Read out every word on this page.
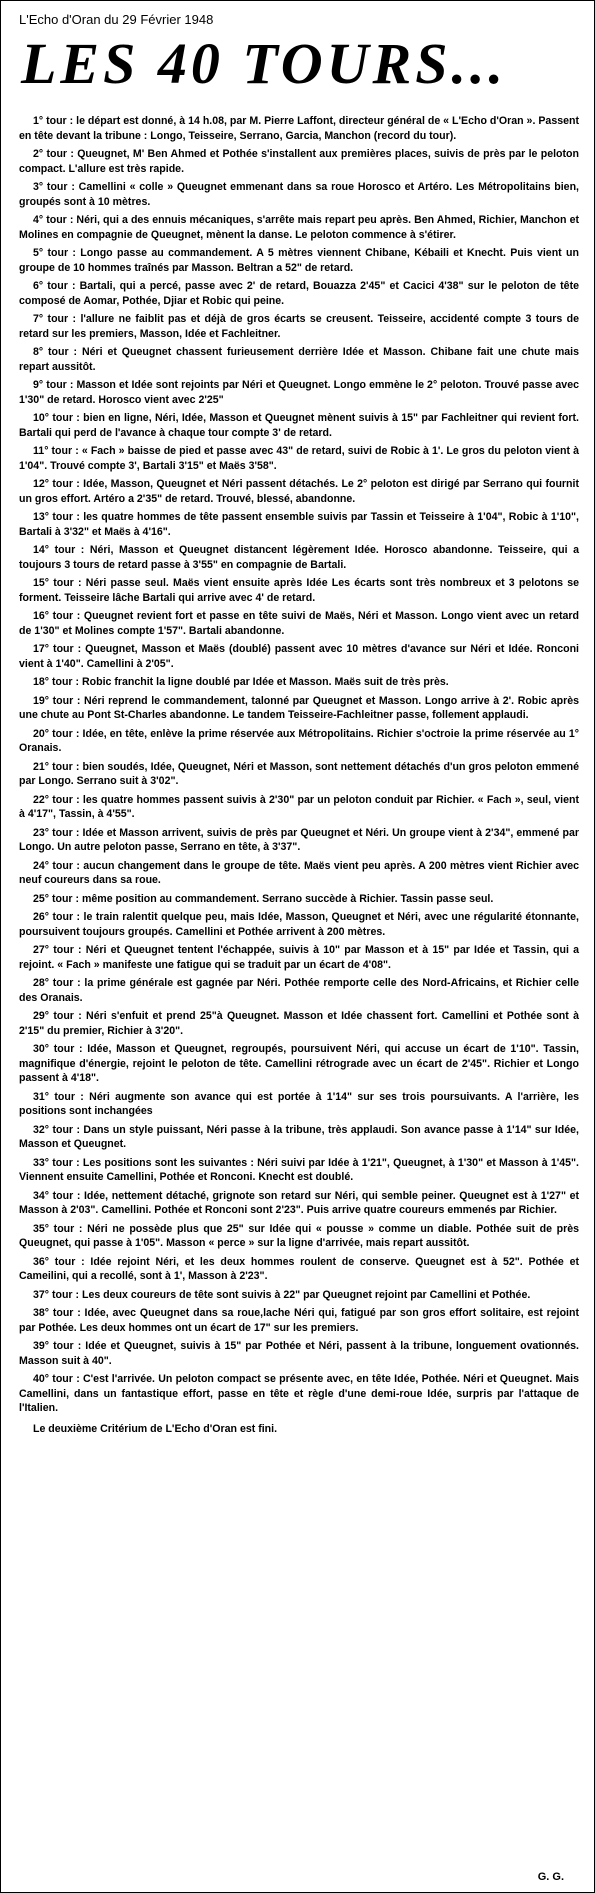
L'Echo d'Oran du 29 Février 1948
LES 40 TOURS...

1° tour : le départ est donné, à 14 h.08, par M. Pierre Laffont, directeur général de « L'Echo d'Oran ». Passent en tête devant la tribune : Longo, Teisseire, Serrano, Garcia, Manchon (record du tour).

2° tour : Queugnet, M' Ben Ahmed et Pothée s'installent aux premières places, suivis de près par le peloton compact. L'allure est très rapide.

3° tour : Camellini « colle » Queugnet emmenant dans sa roue Horosco et Artéro. Les Métropolitains bien, groupés sont à 10 mètres.

4° tour : Néri, qui a des ennuis mécaniques, s'arrête mais repart peu après. Ben Ahmed, Richier, Manchon et Molines en compagnie de Queugnet, mènent la danse. Le peloton commence à s'étirer.

5° tour : Longo passe au commandement. A 5 mètres viennent Chibane, Kébaili et Knecht. Puis vient un groupe de 10 hommes traînés par Masson. Beltran a 52" de retard.

6° tour : Bartali, qui a percé, passe avec 2' de retard, Bouazza 2'45" et Cacici 4'38" sur le peloton de tête composé de Aomar, Pothée, Djiar et Robic qui peine.

7° tour : l'allure ne faiblit pas et déjà de gros écarts se creusent. Teisseire, accidenté compte 3 tours de retard sur les premiers, Masson, Idée et Fachleitner.

8° tour : Néri et Queugnet chassent furieusement derrière Idée et Masson. Chibane fait une chute mais repart aussitôt.

9° tour : Masson et Idée sont rejoints par Néri et Queugnet. Longo emmène le 2° peloton. Trouvé passe avec 1'30" de retard. Horosco vient avec 2'25"

10° tour : bien en ligne, Néri, Idée, Masson et Queugnet mènent suivis à 15" par Fachleitner qui revient fort. Bartali qui perd de l'avance à chaque tour compte 3' de retard.

11° tour : « Fach » baisse de pied et passe avec 43" de retard, suivi de Robic à 1'. Le gros du peloton vient à 1'04". Trouvé compte 3', Bartali 3'15" et Maës 3'58".

12° tour : Idée, Masson, Queugnet et Néri passent détachés. Le 2° peloton est dirigé par Serrano qui fournit un gros effort. Artéro a 2'35" de retard. Trouvé, blessé, abandonne.

13° tour : les quatre hommes de tête passent ensemble suivis par Tassin et Teisseire à 1'04", Robic à 1'10", Bartali à 3'32" et Maës à 4'16".

14° tour : Néri, Masson et Queugnet distancent légèrement Idée. Horosco abandonne. Teisseire, qui a toujours 3 tours de retard passe à 3'55" en compagnie de Bartali.

15° tour : Néri passe seul. Maës vient ensuite après Idée Les écarts sont très nombreux et 3 pelotons se forment. Teisseire lâche Bartali qui arrive avec 4' de retard.

16° tour : Queugnet revient fort et passe en tête suivi de Maës, Néri et Masson. Longo vient avec un retard de 1'30" et Molines compte 1'57". Bartali abandonne.

17° tour : Queugnet, Masson et Maës (doublé) passent avec 10 mètres d'avance sur Néri et Idée. Ronconi vient à 1'40". Camellini à 2'05".

18° tour : Robic franchit la ligne doublé par Idée et Masson. Maës suit de très près.

19° tour : Néri reprend le commandement, talonné par Queugnet et Masson. Longo arrive à 2'. Robic après une chute au Pont St-Charles abandonne. Le tandem Teisseire-Fachleitner passe, follement applaudi.

20° tour : Idée, en tête, enlève la prime réservée aux Métropolitains. Richier s'octroie la prime réservée au 1° Oranais.

21° tour : bien soudés, Idée, Queugnet, Néri et Masson, sont nettement détachés d'un gros peloton emmené par Longo. Serrano suit à 3'02".

22° tour : les quatre hommes passent suivis à 2'30" par un peloton conduit par Richier. « Fach », seul, vient à 4'17", Tassin, à 4'55".

23° tour : Idée et Masson arrivent, suivis de près par Queugnet et Néri. Un groupe vient à 2'34", emmené par Longo. Un autre peloton passe, Serrano en tête, à 3'37".

24° tour : aucun changement dans le groupe de tête. Maës vient peu après. A 200 mètres vient Richier avec neuf coureurs dans sa roue.

25° tour : même position au commandement. Serrano succède à Richier. Tassin passe seul.

26° tour : le train ralentit quelque peu, mais Idée, Masson, Queugnet et Néri, avec une régularité étonnante, poursuivent toujours groupés. Camellini et Pothée arrivent à 200 mètres.

27° tour : Néri et Queugnet tentent l'échappée, suivis à 10" par Masson et à 15" par Idée et Tassin, qui a rejoint. « Fach » manifeste une fatigue qui se traduit par un écart de 4'08".

28° tour : la prime générale est gagnée par Néri. Pothée remporte celle des Nord-Africains, et Richier celle des Oranais.

29° tour : Néri s'enfuit et prend 25"à Queugnet. Masson et Idée chassent fort. Camellini et Pothée sont à 2'15" du premier, Richier à 3'20".

30° tour : Idée, Masson et Queugnet, regroupés, poursuivent Néri, qui accuse un écart de 1'10". Tassin, magnifique d'énergie, rejoint le peloton de tête. Camellini rétrograde avec un écart de 2'45". Richier et Longo passent à 4'18".

31° tour : Néri augmente son avance qui est portée à 1'14" sur ses trois poursuivants. A l'arrière, les positions sont inchangées

32° tour : Dans un style puissant, Néri passe à la tribune, très applaudi. Son avance passe à 1'14" sur Idée, Masson et Queugnet.

33° tour : Les positions sont les suivantes : Néri suivi par Idée à 1'21", Queugnet, à 1'30" et Masson à 1'45". Viennent ensuite Camellini, Pothée et Ronconi. Knecht est doublé.

34° tour : Idée, nettement détaché, grignote son retard sur Néri, qui semble peiner. Queugnet est à 1'27" et Masson à 2'03". Camellini. Pothée et Ronconi sont 2'23". Puis arrive quatre coureurs emmenés par Richier.

35° tour : Néri ne possède plus que 25" sur Idée qui « pousse » comme un diable. Pothée suit de près Queugnet, qui passe à 1'05". Masson « perce » sur la ligne d'arrivée, mais repart aussitôt.

36° tour : Idée rejoint Néri, et les deux hommes roulent de conserve. Queugnet est à 52". Pothée et Cameilini, qui a recollé, sont à 1', Masson à 2'23".

37° tour : Les deux coureurs de tête sont suivis à 22" par Queugnet rejoint par Camellini et Pothée.

38° tour : Idée, avec Queugnet dans sa roue,lache Néri qui, fatigué par son gros effort solitaire, est rejoint par Pothée. Les deux hommes ont un écart de 17" sur les premiers.

39° tour : Idée et Queugnet, suivis à 15" par Pothée et Néri, passent à la tribune, longuement ovationnés. Masson suit à 40".

40° tour : C'est l'arrivée. Un peloton compact se présente avec, en tête Idée, Pothée. Néri et Queugnet. Mais Camellini, dans un fantastique effort, passe en tête et règle d'une demi-roue Idée, surpris par l'attaque de l'Italien.

Le deuxième Critérium de L'Echo d'Oran est fini.

G. G.
